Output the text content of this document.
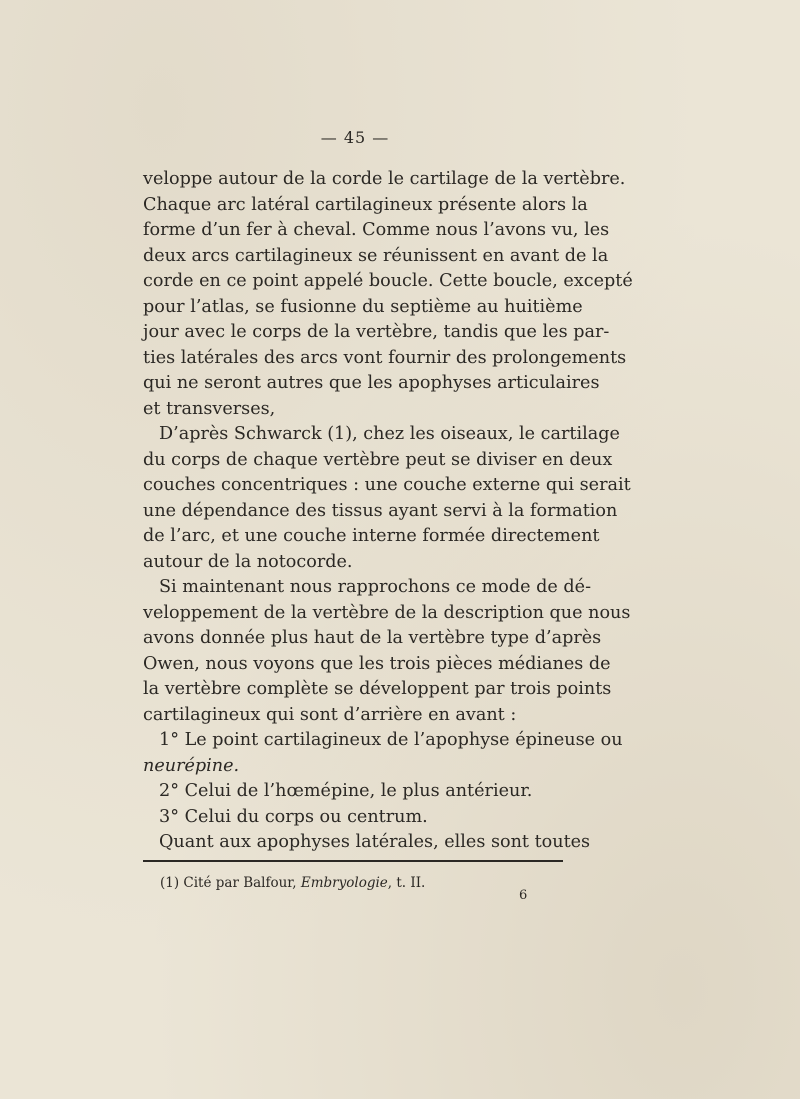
— 45 —
veloppe autour de la corde le cartilage de la vertèbre.
Chaque arc latéral cartilagineux présente alors la
forme d’un fer à cheval. Comme nous l’avons vu, les
deux arcs cartilagineux se réunissent en avant de la
corde en ce point appelé boucle. Cette boucle, excepté
pour l’atlas, se fusionne du septième au huitième
jour avec le corps de la vertèbre, tandis que les par-
ties latérales des arcs vont fournir des prolongements
qui ne seront autres que les apophyses articulaires
et transverses,
D’après Schwarck (1), chez les oiseaux, le cartilage
du corps de chaque vertèbre peut se diviser en deux
couches concentriques : une couche externe qui serait
une dépendance des tissus ayant servi à la formation
de l’arc, et une couche interne formée directement
autour de la notocorde.
Si maintenant nous rapprochons ce mode de dé-
veloppement de la vertèbre de la description que nous
avons donnée plus haut de la vertèbre type d’après
Owen, nous voyons que les trois pièces médianes de
la vertèbre complète se développent par trois points
cartilagineux qui sont d’arrière en avant :
1° Le point cartilagineux de l’apophyse épineuse ou
neurépine.
2° Celui de l’hœmépine, le plus antérieur.
3° Celui du corps ou centrum.
Quant aux apophyses latérales, elles sont toutes
(1) Cité par Balfour, Embryologie, t. II.
6
